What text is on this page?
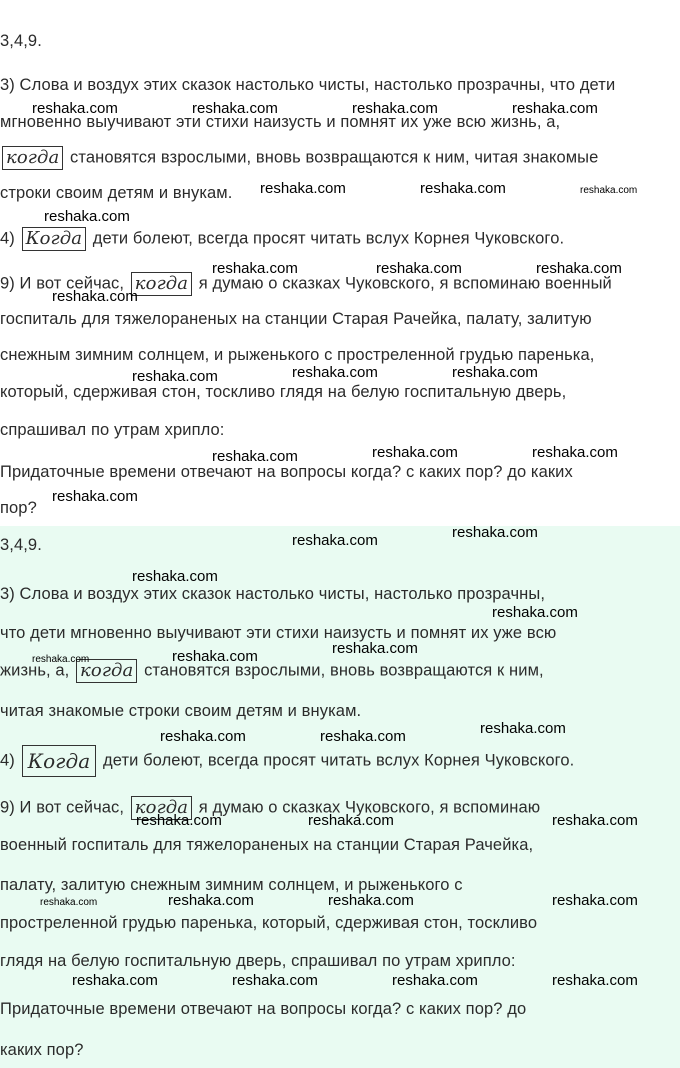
3,4,9.
3) Слова и воздух этих сказок настолько чисты, настолько прозрачны, что дети
мгновенно выучивают эти стихи наизусть и помнят их уже всю жизнь, а,
когда становятся взрослыми, вновь возвращаются к ним, читая знакомые
строки своим детям и внукам.
4) Когда дети болеют, всегда просят читать вслух Корнея Чуковского.
9) И вот сейчас, когда я думаю о сказках Чуковского, я вспоминаю военный
госпиталь для тяжелораненых на станции Старая Рачейка, палату, залитую
снежным зимним солнцем, и рыженького с простреленной грудью паренька,
который, сдерживая стон, тоскливо глядя на белую госпитальную дверь,
спрашивал по утрам хрипло:
Придаточные времени отвечают на вопросы когда? с каких пор? до каких
пор?
3,4,9.
3) Слова и воздух этих сказок настолько чисты, настолько прозрачны,
что дети мгновенно выучивают эти стихи наизусть и помнят их уже всю
жизнь, а, когда становятся взрослыми, вновь возвращаются к ним,
читая знакомые строки своим детям и внукам.
4) Когда дети болеют, всегда просят читать вслух Корнея Чуковского.
9) И вот сейчас, когда я думаю о сказках Чуковского, я вспоминаю
военный госпиталь для тяжелораненых на станции Старая Рачейка,
палату, залитую снежным зимним солнцем, и рыженького с
простреленной грудью паренька, который, сдерживая стон, тоскливо
глядя на белую госпитальную дверь, спрашивал по утрам хрипло:
Придаточные времени отвечают на вопросы когда? с каких пор? до
каких пор?
reshaka.com	reshaka.com	reshaka.com	reshaka.com
reshaka.com	reshaka.com	reshaka.com
reshaka.com
reshaka.com	reshaka.com	reshaka.com
reshaka.com
reshaka.com	reshaka.com	reshaka.com
reshaka.com	reshaka.com	reshaka.com
reshaka.com
reshaka.com	reshaka.com
reshaka.com
reshaka.com
reshaka.com
reshaka.com	reshaka.com
reshaka.com
reshaka.com	reshaka.com
reshaka.com	reshaka.com	reshaka.com
reshaka.com	reshaka.com	reshaka.com	reshaka.com
reshaka.com	reshaka.com	reshaka.com	reshaka.com
